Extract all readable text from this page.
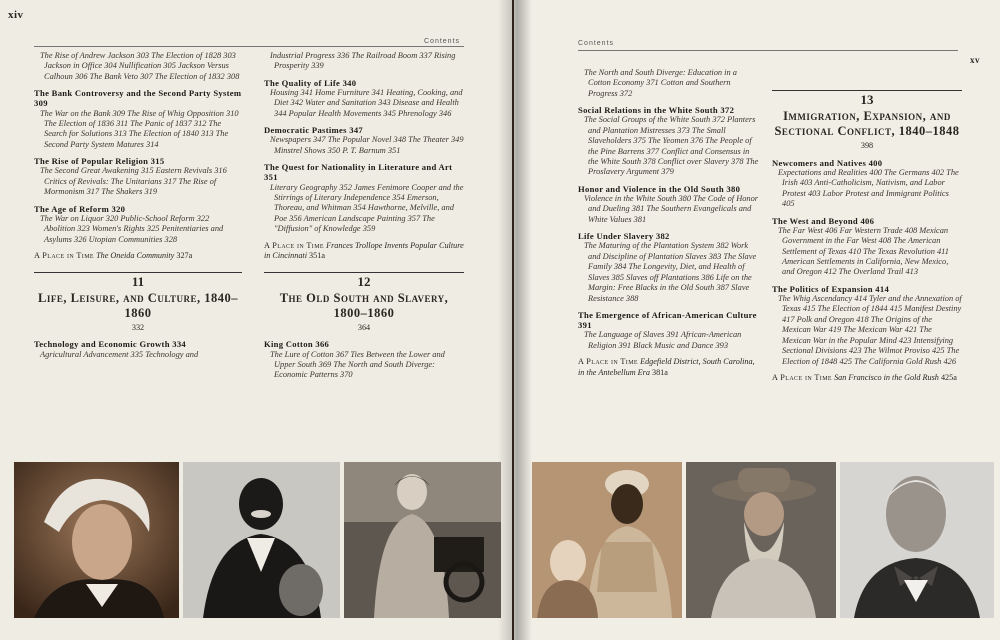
xiv
Contents
The Rise of Andrew Jackson 303 The Election of 1828 303 Jackson in Office 304 Nullification 305 Jackson Versus Calhoun 306 The Bank Veto 307 The Election of 1832 308
The Bank Controversy and the Second Party System 309
The War on the Bank 309 The Rise of Whig Opposition 310 The Election of 1836 311 The Panic of 1837 312 The Search for Solutions 313 The Election of 1840 313 The Second Party System Matures 314
The Rise of Popular Religion 315
The Second Great Awakening 315 Eastern Revivals 316 Critics of Revivals: The Unitarians 317 The Rise of Mormonism 317 The Shakers 319
The Age of Reform 320
The War on Liquor 320 Public-School Reform 322 Abolition 323 Women's Rights 325 Penitentiaries and Asylums 326 Utopian Communities 328
A Place in Time The Oneida Community 327a
11
Life, Leisure, and Culture, 1840–1860
332
Technology and Economic Growth 334
Agricultural Advancement 335 Technology and
Industrial Progress 336 The Railroad Boom 337 Rising Prosperity 339
The Quality of Life 340
Housing 341 Home Furniture 341 Heating, Cooking, and Diet 342 Water and Sanitation 343 Disease and Health 344 Popular Health Movements 345 Phrenology 346
Democratic Pastimes 347
Newspapers 347 The Popular Novel 348 The Theater 349 Minstrel Shows 350 P. T. Barnum 351
The Quest for Nationality in Literature and Art 351
Literary Geography 352 James Fenimore Cooper and the Stirrings of Literary Independence 354 Emerson, Thoreau, and Whitman 354 Hawthorne, Melville, and Poe 356 American Landscape Painting 357 The "Diffusion" of Knowledge 359
A Place in Time Frances Trollope Invents Popular Culture in Cincinnati 351a
12
The Old South and Slavery, 1800–1860
364
King Cotton 366
The Lure of Cotton 367 Ties Between the Lower and Upper South 369 The North and South Diverge: Economic Patterns 370
Contents
xv
The North and South Diverge: Education in a Cotton Economy 371 Cotton and Southern Progress 372
Social Relations in the White South 372
The Social Groups of the White South 372 Planters and Plantation Mistresses 373 The Small Slaveholders 375 The Yeomen 376 The People of the Pine Barrens 377 Conflict and Consensus in the White South 378 Conflict over Slavery 378 The Proslavery Argument 379
Honor and Violence in the Old South 380
Violence in the White South 380 The Code of Honor and Dueling 381 The Southern Evangelicals and White Values 381
Life Under Slavery 382
The Maturing of the Plantation System 382 Work and Discipline of Plantation Slaves 383 The Slave Family 384 The Longevity, Diet, and Health of Slaves 385 Slaves off Plantations 386 Life on the Margin: Free Blacks in the Old South 387 Slave Resistance 388
The Emergence of African-American Culture 391
The Language of Slaves 391 African-American Religion 391 Black Music and Dance 393
A Place in Time Edgefield District, South Carolina, in the Antebellum Era 381a
13
Immigration, Expansion, and Sectional Conflict, 1840–1848
398
Newcomers and Natives 400
Expectations and Realities 400 The Germans 402 The Irish 403 Anti-Catholicism, Nativism, and Labor Protest 403 Labor Protest and Immigrant Politics 405
The West and Beyond 406
The Far West 406 Far Western Trade 408 Mexican Government in the Far West 408 The American Settlement of Texas 410 The Texas Revolution 411 American Settlements in California, New Mexico, and Oregon 412 The Overland Trail 413
The Politics of Expansion 414
The Whig Ascendancy 414 Tyler and the Annexation of Texas 415 The Election of 1844 415 Manifest Destiny 417 Polk and Oregon 418 The Origins of the Mexican War 419 The Mexican War 421 The Mexican War in the Popular Mind 423 Intensifying Sectional Divisions 423 The Wilmot Proviso 425 The Election of 1848 425 The California Gold Rush 426
A Place in Time San Francisco in the Gold Rush 425a
